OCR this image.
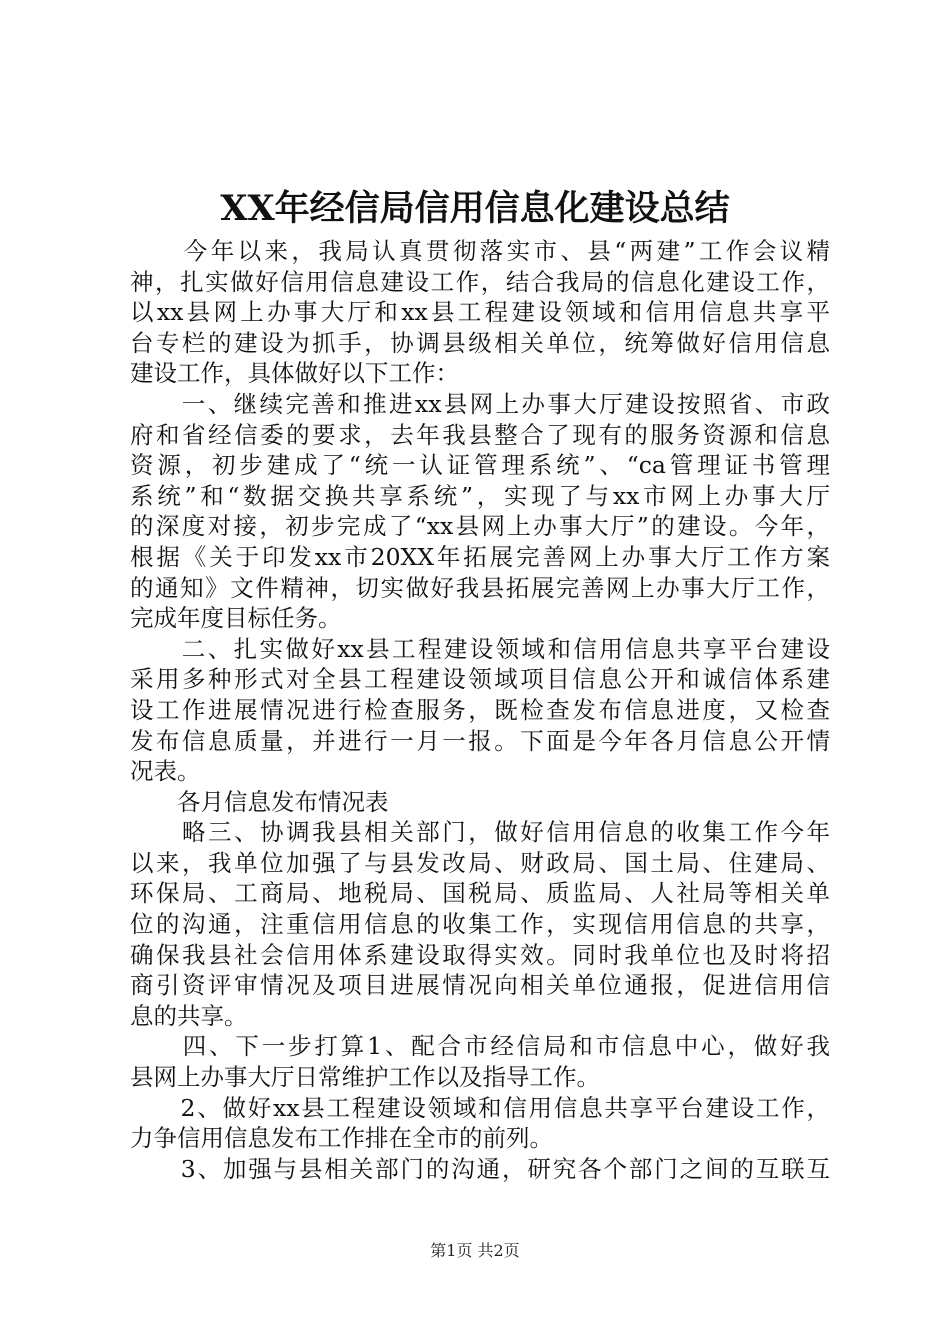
XX年经信局信用信息化建设总结
　　今年以来，我局认真贯彻落实市、县“两建”工作会议精
神，扎实做好信用信息建设工作，结合我局的信息化建设工作，
以xx县网上办事大厅和xx县工程建设领域和信用信息共享平
台专栏的建设为抓手，协调县级相关单位，统筹做好信用信息
建设工作，具体做好以下工作：
　　一、继续完善和推进xx县网上办事大厅建设按照省、市政
府和省经信委的要求，去年我县整合了现有的服务资源和信息
资源，初步建成了“统一认证管理系统”、“ca管理证书管理
系统”和“数据交换共享系统”，实现了与xx市网上办事大厅
的深度对接，初步完成了“xx县网上办事大厅”的建设。今年，
根据《关于印发xx市20XX年拓展完善网上办事大厅工作方案
的通知》文件精神，切实做好我县拓展完善网上办事大厅工作，
完成年度目标任务。
　　二、扎实做好xx县工程建设领域和信用信息共享平台建设
采用多种形式对全县工程建设领域项目信息公开和诚信体系建
设工作进展情况进行检查服务，既检查发布信息进度，又检查
发布信息质量，并进行一月一报。下面是今年各月信息公开情
况表。
　　各月信息发布情况表
　　略三、协调我县相关部门，做好信用信息的收集工作今年
以来，我单位加强了与县发改局、财政局、国土局、住建局、
环保局、工商局、地税局、国税局、质监局、人社局等相关单
位的沟通，注重信用信息的收集工作，实现信用信息的共享，
确保我县社会信用体系建设取得实效。同时我单位也及时将招
商引资评审情况及项目进展情况向相关单位通报，促进信用信
息的共享。
　　四、下一步打算1、配合市经信局和市信息中心，做好我
县网上办事大厅日常维护工作以及指导工作。
　　2、做好xx县工程建设领域和信用信息共享平台建设工作，
力争信用信息发布工作排在全市的前列。
　　3、加强与县相关部门的沟通，研究各个部门之间的互联互
第1页 共2页
